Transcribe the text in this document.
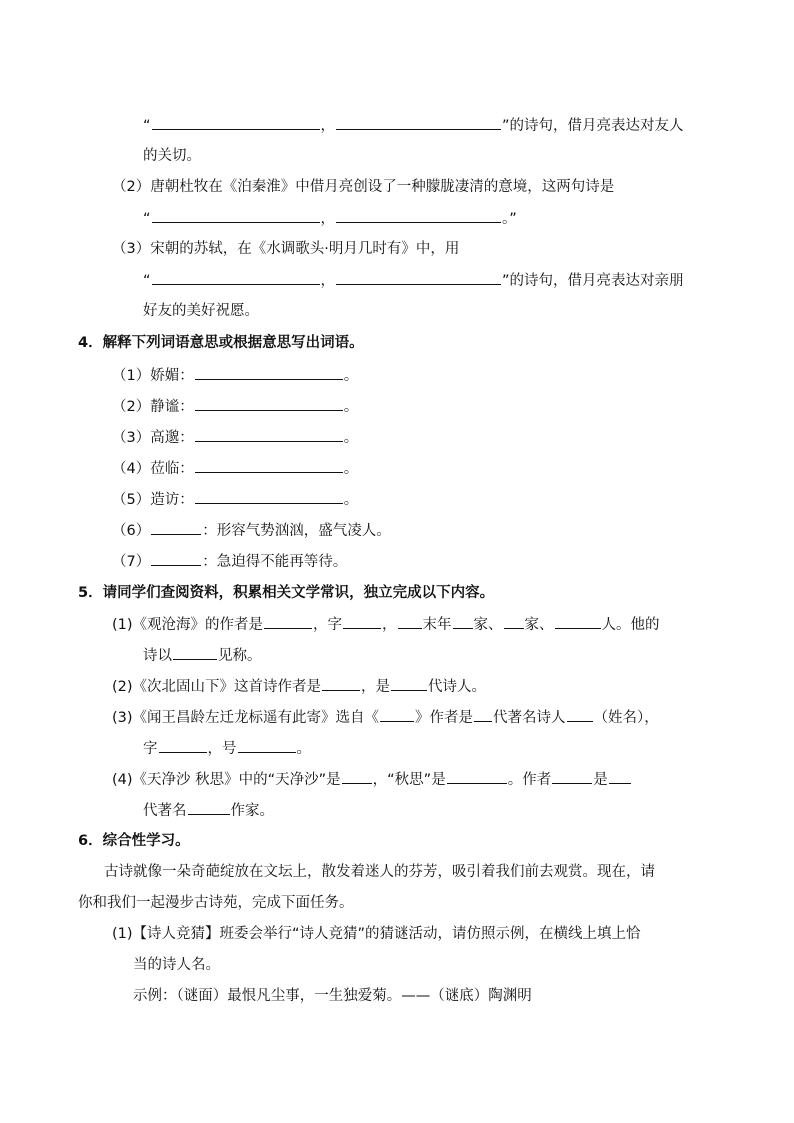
“	，	”的诗句，借月亮表达对友人
的关切。
（2）唐朝杜牧在《泊秦淮》中借月亮创设了一种朦胧凄清的意境，这两句诗是
“	，	。”
（3）宋朝的苏轼，在《水调歌头·明月几时有》中，用
“	，	”的诗句，借月亮表达对亲朋
好友的美好祝愿。
4．解释下列词语意思或根据意思写出词语。
（1）娇媚：	。
（2）静谧：	。
（3）高邈：	。
（4）莅临：	。
（5）造访：	。
（6）	：形容气势汹汹，盛气凌人。
（7）	：急迫得不能再等待。
5．请同学们查阅资料，积累相关文学常识，独立完成以下内容。
(1)《观沧海》的作者是	，字	， 末年 家、 家、	人。他的
诗以	见称。
(2)《次北固山下》这首诗作者是	，是	代诗人。
(3)《闻王昌龄左迁龙标遥有此寄》选自《 》作者是 代著名诗人 （姓名），
字	，号	。
(4)《天净沙 秋思》中的“天净沙”是 ，“秋思”是	。作者	是
代著名	作家。
6．综合性学习。
古诗就像一朵奇葩绽放在文坛上，散发着迷人的芬芳，吸引着我们前去观赏。现在，请
你和我们一起漫步古诗苑，完成下面任务。
(1)【诗人竞猜】班委会举行“诗人竞猜”的猜谜活动，请仿照示例，在横线上填上恰
当的诗人名。
示例：（谜面）最恨凡尘事，一生独爱菊。——（谜底）陶渊明
